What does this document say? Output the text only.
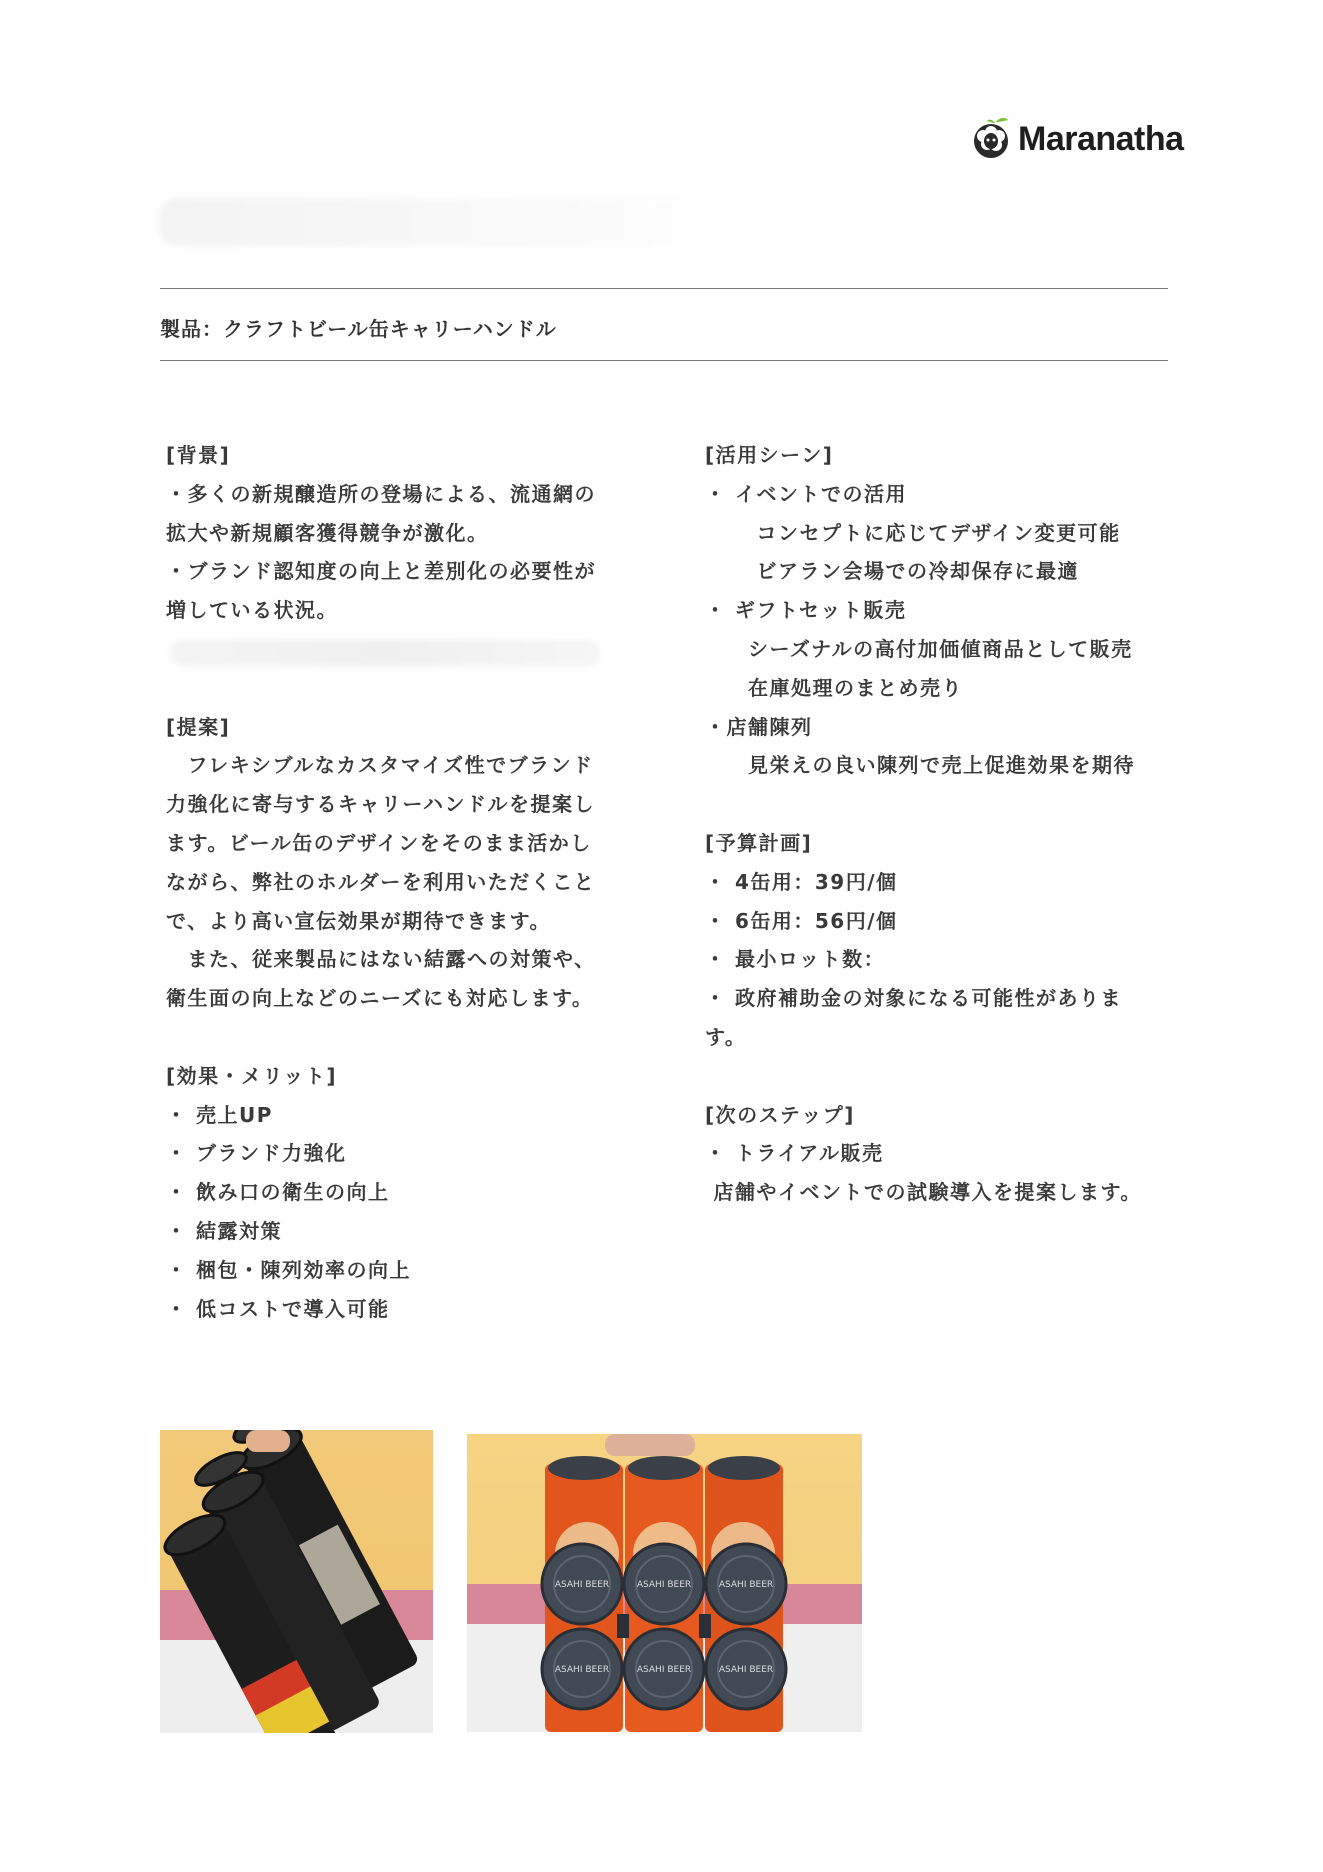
Maranatha
製品：クラフトビール缶キャリーハンドル

[背景]

・多くの新規醸造所の登場による、流通網の

拡大や新規顧客獲得競争が激化。

・ブランド認知度の向上と差別化の必要性が

増している状況。

[提案]

　フレキシブルなカスタマイズ性でブランド

力強化に寄与するキャリーハンドルを提案し

ます。ビール缶のデザインをそのまま活かし

ながら、弊社のホルダーを利用いただくこと

で、より高い宣伝効果が期待できます。

　また、従来製品にはない結露への対策や、

衛生面の向上などのニーズにも対応します。

[効果・メリット]

・ 売上UP

・ ブランド力強化

・ 飲み口の衛生の向上

・ 結露対策

・ 梱包・陳列効率の向上

・ 低コストで導入可能

[活用シーン]

・ イベントでの活用

　　 コンセプトに応じてデザイン変更可能

　　 ビアラン会場での冷却保存に最適

・ ギフトセット販売

　　シーズナルの高付加価値商品として販売

　　在庫処理のまとめ売り

・店舗陳列

　　見栄えの良い陳列で売上促進効果を期待

[予算計画]

・ 4缶用：39円/個

・ 6缶用：56円/個

・ 最小ロット数：

・ 政府補助金の対象になる可能性がありま

す。

[次のステップ]

・ トライアル販売

店舗やイベントでの試験導入を提案します。

ASAHI BEER	ASAHI BEER	ASAHI BEER
ASAHI BEER	ASAHI BEER	ASAHI BEER
